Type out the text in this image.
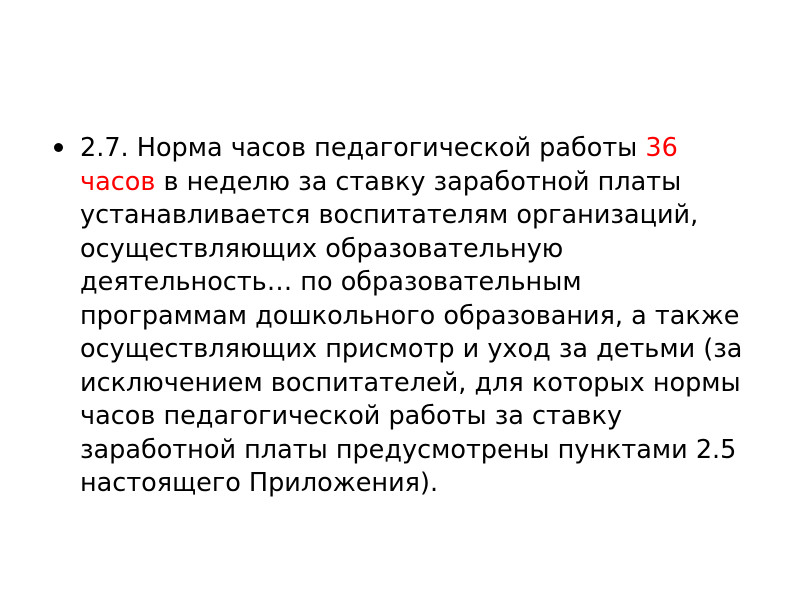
2.7. Норма часов педагогической работы 36 часов в неделю за ставку заработной платы устанавливается воспитателям организаций, осуществляющих образовательную деятельность… по образовательным программам дошкольного образования, а также осуществляющих присмотр и уход за детьми (за исключением воспитателей, для которых нормы часов педагогической работы за ставку заработной платы предусмотрены пунктами 2.5 настоящего Приложения).
